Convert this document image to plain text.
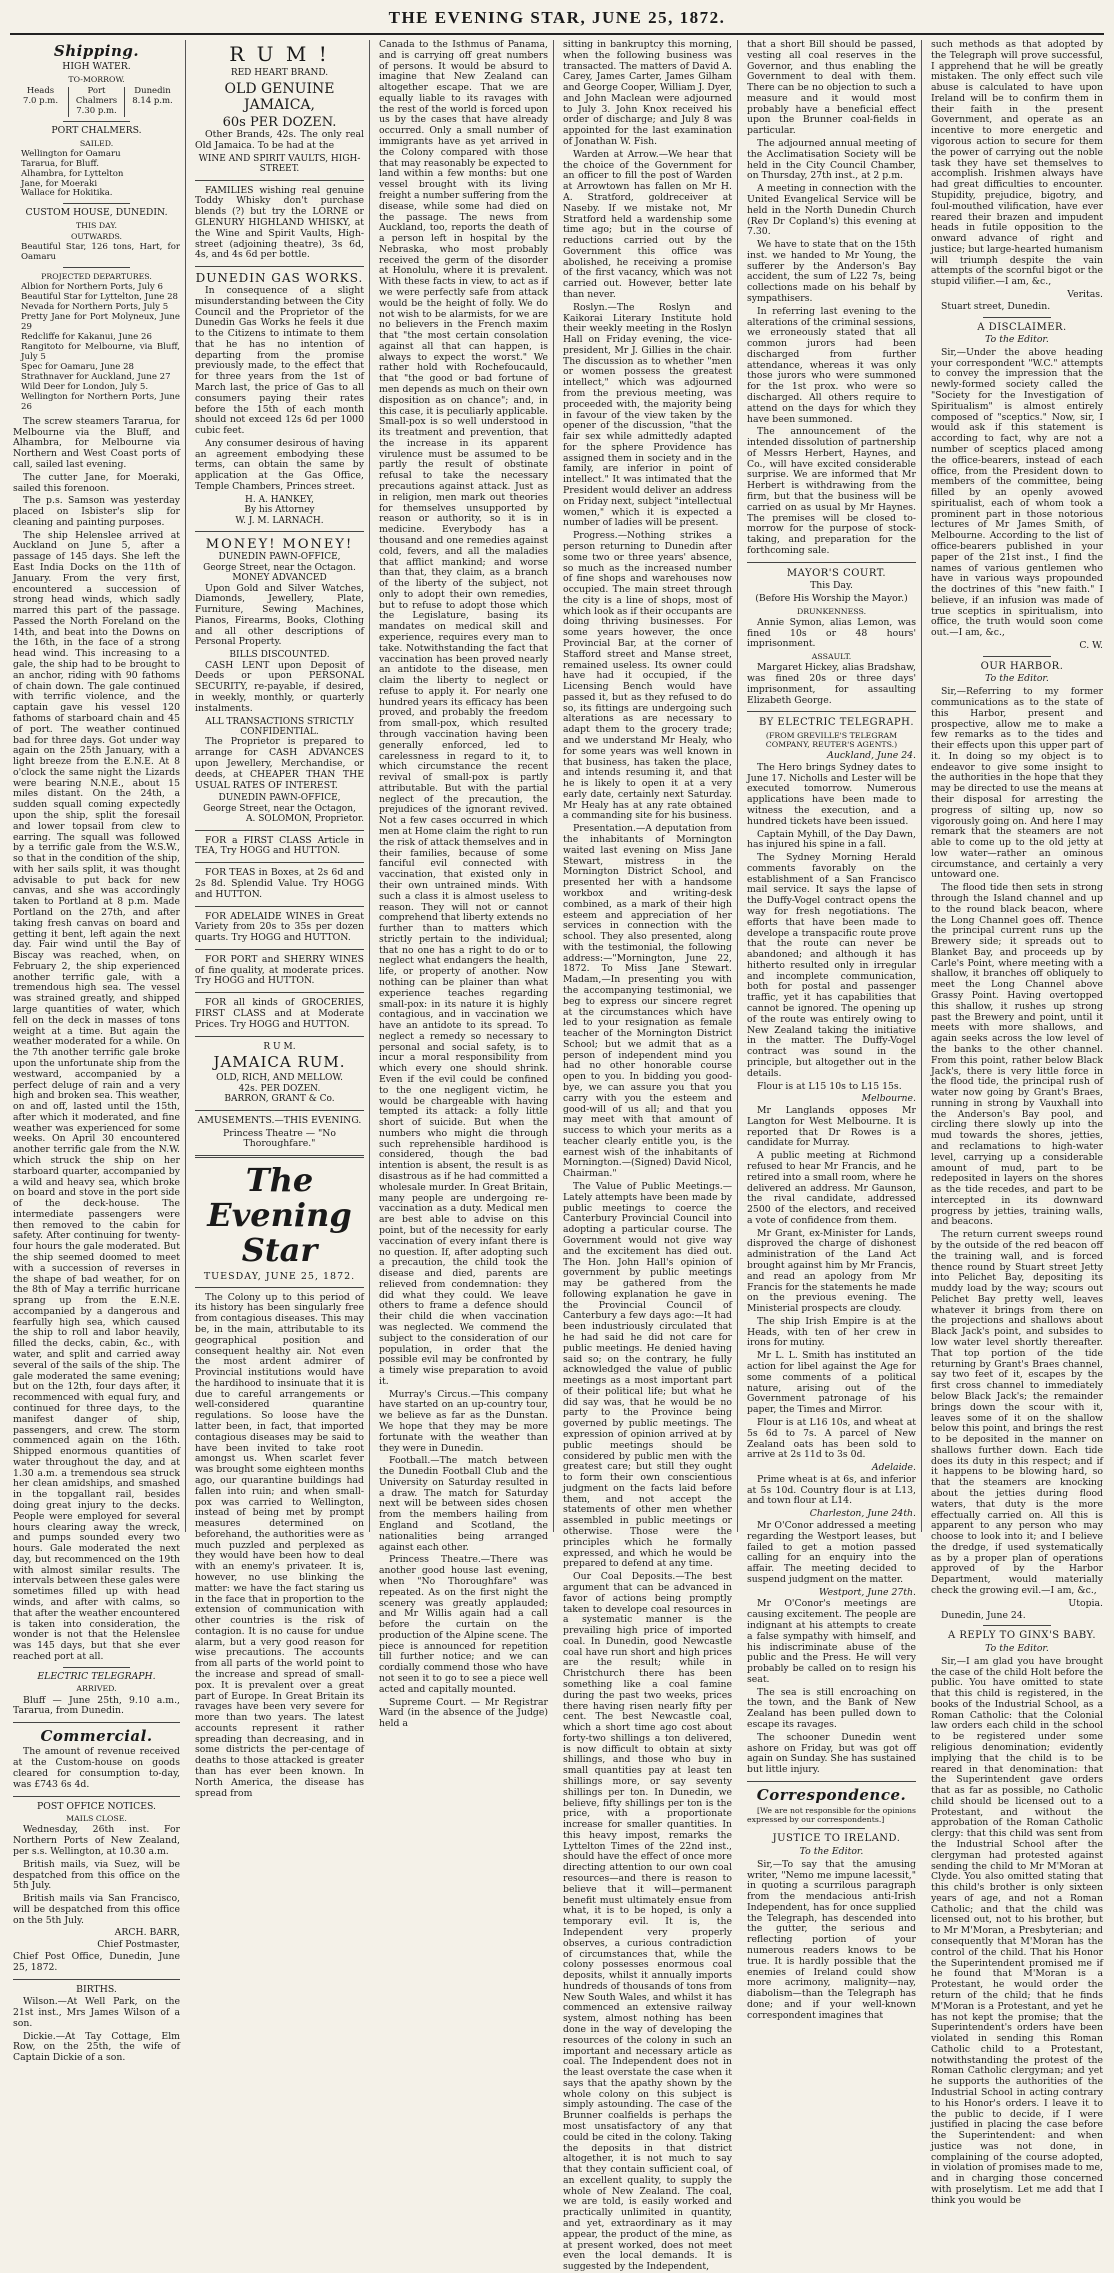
THE EVENING STAR, JUNE 25, 1872.
Shipping.

HIGH WATER.

TO-MORROW.

Heads
7.0 p.m.
Port Chalmers
7.30 p.m.
Dunedin
8.14 p.m.

PORT CHALMERS.

SAILED.

Wellington for Oamaru

Tararua, for Bluff.

Alhambra, for Lyttelton

Jane, for Moeraki

Wallace for Hokitika.

CUSTOM HOUSE, DUNEDIN.

THIS DAY.

OUTWARDS.

Beautiful Star, 126 tons, Hart, for Oamaru

PROJECTED DEPARTURES.

Albion for Northern Ports, July 6

Beautiful Star for Lyttelton, June 28

Nevada for Northern Ports, July 5

Pretty Jane for Port Molyneux, June 29

Redcliffe for Kakanui, June 26

Rangitoto for Melbourne, via Bluff, July 5

Spec for Oamaru, June 28

Strathnaver for Auckland, June 27

Wild Deer for London, July 5.

Wellington for Northern Ports, June 26

The screw steamers Tararua, for Melbourne via the Bluff, and Alhambra, for Melbourne via Northern and West Coast ports of call, sailed last evening.

The cutter Jane, for Moeraki, sailed this forenoon.

The p.s. Samson was yesterday placed on Isbister's slip for cleaning and painting purposes.

The ship Helenslee arrived at Auckland on June 5, after a passage of 145 days. She left the East India Docks on the 11th of January. From the very first, encountered a succession of strong head winds, which sadly marred this part of the passage. Passed the North Foreland on the 14th, and beat into the Downs on the 16th, in the face of a strong head wind. This increasing to a gale, the ship had to be brought to an anchor, riding with 90 fathoms of chain down. The gale continued with terrific violence, and the captain gave his vessel 120 fathoms of starboard chain and 45 of port. The weather continued bad for three days. Got under way again on the 25th January, with a light breeze from the E.N.E. At 8 o'clock the same night the Lizards were bearing N.N.E., about 15 miles distant. On the 24th, a sudden squall coming expectedly upon the ship, split the foresail and lower topsail from clew to earring. The squall was followed by a terrific gale from the W.S.W., so that in the condition of the ship, with her sails split, it was thought advisable to put back for new canvas, and she was accordingly taken to Portland at 8 p.m. Made Portland on the 27th, and after taking fresh canvas on board and getting it bent, left again the next day. Fair wind until the Bay of Biscay was reached, when, on February 2, the ship experienced another terrific gale, with a tremendous high sea. The vessel was strained greatly, and shipped large quantities of water, which fell on the deck in masses of tons weight at a time. But again the weather moderated for a while. On the 7th another terrific gale broke upon the unfortunate ship from the westward, accompanied by a perfect deluge of rain and a very high and broken sea. This weather, on and off, lasted until the 15th, after which it moderated, and fine weather was experienced for some weeks. On April 30 encountered another terrific gale from the N.W. which struck the ship on her starboard quarter, accompanied by a wild and heavy sea, which broke on board and stove in the port side of the deck-house. The intermediate passengers were then removed to the cabin for safety. After continuing for twenty-four hours the gale moderated. But the ship seemed doomed to meet with a succession of reverses in the shape of bad weather, for on the 8th of May a terrific hurricane sprang up from the E.N.E. accompanied by a dangerous and fearfully high sea, which caused the ship to roll and labor heavily, filled the decks, cabin, &c., with water, and split and carried away several of the sails of the ship. The gale moderated the same evening; but on the 12th, four days after, it recommenced with equal fury, and continued for three days, to the manifest danger of ship, passengers, and crew. The storm commenced again on the 16th. Shipped enormous quantities of water throughout the day, and at 1.30 a.m. a tremendous sea struck her clean amidships, and smashed in the topgallant rail, besides doing great injury to the decks. People were employed for several hours clearing away the wreck, and pumps sounded every two hours. Gale moderated the next day, but recommenced on the 19th with almost similar results. The intervals between these gales were sometimes filled up with head winds, and after with calms, so that after the weather encountered is taken into consideration, the wonder is not that the Helenslee was 145 days, but that she ever reached port at all.

ELECTRIC TELEGRAPH.

ARRIVED.

Bluff — June 25th, 9.10 a.m., Tararua, from Dunedin.

Commercial.

The amount of revenue received at the Custom-house on goods cleared for consumption to-day, was £743 6s 4d.

POST OFFICE NOTICES.

MAILS CLOSE.

Wednesday, 26th inst. For Northern Ports of New Zealand, per s.s. Wellington, at 10.30 a.m.

British mails, via Suez, will be despatched from this office on the 5th July.

British mails via San Francisco, will be despatched from this office on the 5th July.

ARCH. BARR,

Chief Postmaster,

Chief Post Office, Dunedin, June 25, 1872.

BIRTHS.

Wilson.—At Well Park, on the 21st inst., Mrs James Wilson of a son.

Dickie.—At Tay Cottage, Elm Row, on the 25th, the wife of Captain Dickie of a son.

R U M !

RED HEART BRAND.

OLD GENUINE JAMAICA,

60s PER DOZEN.

Other Brands, 42s. The only real Old Jamaica. To be had at the

WINE AND SPIRIT VAULTS, HIGH-STREET.

FAMILIES wishing real genuine Toddy Whisky don't purchase blends (?) but try the LORNE or GLENURY HIGHLAND WHISKY, at the Wine and Spirit Vaults, High-street (adjoining theatre), 3s 6d, 4s, and 4s 6d per bottle.

DUNEDIN GAS WORKS.

In consequence of a slight misunderstanding between the City Council and the Proprietor of the Dunedin Gas Works he feels it due to the Citizens to intimate to them that he has no intention of departing from the promise previously made, to the effect that for three years from the 1st of March last, the price of Gas to all consumers paying their rates before the 15th of each month should not exceed 12s 6d per 1000 cubic feet.

Any consumer desirous of having an agreement embodying these terms, can obtain the same by application at the Gas Office, Temple Chambers, Princes street.

H. A. HANKEY,

By his Attorney

W. J. M. LARNACH.

MONEY! MONEY!

DUNEDIN PAWN-OFFICE,

George Street, near the Octagon.

MONEY ADVANCED

Upon Gold and Silver Watches, Diamonds, Jewellery, Plate, Furniture, Sewing Machines, Pianos, Firearms, Books, Clothing and all other descriptions of Personal Property.

BILLS DISCOUNTED.

CASH LENT upon Deposit of Deeds or upon PERSONAL SECURITY, re-payable, if desired, in weekly, monthly, or quarterly instalments.

ALL TRANSACTIONS STRICTLY CONFIDENTIAL.

The Proprietor is prepared to arrange for CASH ADVANCES upon Jewellery, Merchandise, or deeds, at CHEAPER THAN THE USUAL RATES OF INTEREST.

DUNEDIN PAWN-OFFICE,

George Street, near the Octagon,

A. SOLOMON, Proprietor.

FOR a FIRST CLASS Article in TEA, Try HOGG and HUTTON.

FOR TEAS in Boxes, at 2s 6d and 2s 8d. Splendid Value. Try HOGG and HUTTON.

FOR ADELAIDE WINES in Great Variety from 20s to 35s per dozen quarts. Try HOGG and HUTTON.

FOR PORT and SHERRY WINES of fine quality, at moderate prices. Try HOGG and HUTTON.

FOR all kinds of GROCERIES, FIRST CLASS and at Moderate Prices. Try HOGG and HUTTON.

R U M.

JAMAICA RUM.

OLD, RICH, AND MELLOW.

42s. PER DOZEN.

BARRON, GRANT & Co.

AMUSEMENTS.—THIS EVENING.

Princess Theatre — "No Thoroughfare."

The Evening Star
TUESDAY, JUNE 25, 1872.

The Colony up to this period of its history has been singularly free from contagious diseases. This may be, in the main, attributable to its geographical position and consequent healthy air. Not even the most ardent admirer of Provincial institutions would have the hardihood to insinuate that it is due to careful arrangements or well-considered quarantine regulations. So loose have the latter been, in fact, that imported contagious diseases may be said to have been invited to take root amongst us. When scarlet fever was brought some eighteen months ago, our quarantine buildings had fallen into ruin; and when small-pox was carried to Wellington, instead of being met by prompt measures determined on beforehand, the authorities were as much puzzled and perplexed as they would have been how to deal with an enemy's privateer. It is, however, no use blinking the matter: we have the fact staring us in the face that in proportion to the extension of communication with other countries is the risk of contagion. It is no cause for undue alarm, but a very good reason for wise precautions. The accounts from all parts of the world point to the increase and spread of small-pox. It is prevalent over a great part of Europe. In Great Britain its ravages have been very severe for more than two years. The latest accounts represent it rather spreading than decreasing, and in some districts the per-centage of deaths to those attacked is greater than has ever been known. In North America, the disease has spread from

Canada to the Isthmus of Panama, and is carrying off great numbers of persons. It would be absurd to imagine that New Zealand can altogether escape. That we are equally liable to its ravages with the rest of the world is forced upon us by the cases that have already occurred. Only a small number of immigrants have as yet arrived in the Colony compared with those that may reasonably be expected to land within a few months: but one vessel brought with its living freight a number suffering from the disease, while some had died on the passage. The news from Auckland, too, reports the death of a person left in hospital by the Nebraska, who most probably received the germ of the disorder at Honolulu, where it is prevalent. With these facts in view, to act as if we were perfectly safe from attack would be the height of folly. We do not wish to be alarmists, for we are no believers in the French maxim that "the most certain consolation against all that can happen, is always to expect the worst." We rather hold with Rochefoucauld, that "the good or bad fortune of men depends as much on their own disposition as on chance"; and, in this case, it is peculiarly applicable. Small-pox is so well understood in its treatment and prevention, that the increase in its apparent virulence must be assumed to be partly the result of obstinate refusal to take the necessary precautions against attack. Just as in religion, men mark out theories for themselves unsupported by reason or authority, so it is in medicine. Everybody has a thousand and one remedies against cold, fevers, and all the maladies that afflict mankind; and worse than that, they claim, as a branch of the liberty of the subject, not only to adopt their own remedies, but to refuse to adopt those which the Legislature, basing its mandates on medical skill and experience, requires every man to take. Notwithstanding the fact that vaccination has been proved nearly an antidote to the disease, men claim the liberty to neglect or refuse to apply it. For nearly one hundred years its efficacy has been proved, and probably the freedom from small-pox, which resulted through vaccination having been generally enforced, led to carelessness in regard to it, to which circumstance the recent revival of small-pox is partly attributable. But with the partial neglect of the precaution, the prejudices of the ignorant revived. Not a few cases occurred in which men at Home claim the right to run the risk of attack themselves and in their families, because of some fanciful evil connected with vaccination, that existed only in their own untrained minds. With such a class it is almost useless to reason. They will not or cannot comprehend that liberty extends no further than to matters which strictly pertain to the individual; that no one has a right to do or to neglect what endangers the health, life, or property of another. Now nothing can be plainer than what experience teaches regarding small-pox: in its nature it is highly contagious, and in vaccination we have an antidote to its spread. To neglect a remedy so necessary to personal and social safety, is to incur a moral responsibility from which every one should shrink. Even if the evil could be confined to the one negligent victim, he would be chargeable with having tempted its attack: a folly little short of suicide. But when the numbers who might die through such reprehensible hardihood is considered, though the bad intention is absent, the result is as disastrous as if he had committed a wholesale murder. In Great Britain, many people are undergoing re-vaccination as a duty. Medical men are best able to advise on this point, but of the necessity for early vaccination of every infant there is no question. If, after adopting such a precaution, the child took the disease and died, parents are relieved from condemnation: they did what they could. We leave others to frame a defence should their child die when vaccination was neglected. We commend the subject to the consideration of our population, in order that the possible evil may be confronted by a timely wise preparation to avoid it.

Murray's Circus.—This company have started on an up-country tour, we believe as far as the Dunstan. We hope that they may be more fortunate with the weather than they were in Dunedin.

Football.—The match between the Dunedin Football Club and the University on Saturday resulted in a draw. The match for Saturday next will be between sides chosen from the members hailing from England and Scotland, the nationalities being arranged against each other.

Princess Theatre.—There was another good house last evening, when "No Thoroughfare" was repeated. As on the first night the scenery was greatly applauded; and Mr Willis again had a call before the curtain on the production of the Alpine scene. The piece is announced for repetition till further notice; and we can cordially commend those who have not seen it to go to see a piece well acted and capitally mounted.

Supreme Court. — Mr Registrar Ward (in the absence of the Judge) held a

sitting in bankruptcy this morning, when the following business was transacted. The matters of David A. Carey, James Carter, James Gilham and George Cooper, William J. Dyer, and John Maclean were adjourned to July 3. John Knox received his order of discharge; and July 8 was appointed for the last examination of Jonathan W. Fish.

Warden at Arrow.—We hear that the choice of the Government for an officer to fill the post of Warden at Arrowtown has fallen on Mr H. A. Stratford, goldreceiver at Naseby. If we mistake not, Mr Stratford held a wardenship some time ago; but in the course of reductions carried out by the Government this office was abolished, he receiving a promise of the first vacancy, which was not carried out. However, better late than never.

Roslyn.—The Roslyn and Kaikorai Literary Institute hold their weekly meeting in the Roslyn Hall on Friday evening, the vice-president, Mr J. Gillies in the chair. The discussion as to whether "men or women possess the greatest intellect," which was adjourned from the previous meeting, was proceeded with, the majority being in favour of the view taken by the opener of the discussion, "that the fair sex while admittedly adapted for the sphere Providence has assigned them in society and in the family, are inferior in point of intellect." It was intimated that the President would deliver an address on Friday next, subject "intellectual women," which it is expected a number of ladies will be present.

Progress.—Nothing strikes a person returning to Dunedin after some two or three years' absence, so much as the increased number of fine shops and warehouses now occupied. The main street through the city is a line of shops, most of which look as if their occupants are doing thriving businesses. For some years however, the once Provincial Bar, at the corner of Stafford street and Manse street, remained useless. Its owner could have had it occupied, if the Licensing Bench would have passed it, but as they refused to do so, its fittings are undergoing such alterations as are necessary to adapt them to the grocery trade; and we understand Mr Healy, who for some years was well known in that business, has taken the place, and intends resuming it, and that he is likely to open it at a very early date, certainly next Saturday. Mr Healy has at any rate obtained a commanding site for his business.

Presentation.—A deputation from the inhabitants of Mornington waited last evening on Miss Jane Stewart, mistress in the Mornington District School, and presented her with a handsome workbox and writing-desk combined, as a mark of their high esteem and appreciation of her services in connection with the school. They also presented, along with the testimonial, the following address:—"Mornington, June 22, 1872. To Miss Jane Stewart. Madam,—In presenting you with the accompanying testimonial, we beg to express our sincere regret at the circumstances which have led to your resignation as female teacher of the Mornington District School; but we admit that as a person of independent mind you had no other honorable course open to you. In bidding you good-bye, we can assure you that you carry with you the esteem and good-will of us all; and that you may meet with that amount of success to which your merits as a teacher clearly entitle you, is the earnest wish of the inhabitants of Mornington.—(Signed) David Nicol, Chairman."

The Value of Public Meetings.—Lately attempts have been made by public meetings to coerce the Canterbury Provincial Council into adopting a particular course. The Government would not give way and the excitement has died out. The Hon. John Hall's opinion of government by public meetings may be gathered from the following explanation he gave in the Provincial Council of Canterbury a few days ago:—It had been industriously circulated that he had said he did not care for public meetings. He denied having said so; on the contrary, he fully acknowledged the value of public meetings as a most important part of their political life; but what he did say was, that he would be no party to the Province being governed by public meetings. The expression of opinion arrived at by public meetings should be considered by public men with the greatest care; but still they ought to form their own conscientious judgment on the facts laid before them, and not accept the statements of other men whether assembled in public meetings or otherwise. Those were the principles which he formally expressed, and which he would be prepared to defend at any time.

Our Coal Deposits.—The best argument that can be advanced in favor of actions being promptly taken to develope coal resources in a systematic manner is the prevailing high price of imported coal. In Dunedin, good Newcastle coal have run short and high prices are the result; while in Christchurch there has been something like a coal famine during the past two weeks, prices there having risen nearly fifty per cent. The best Newcastle coal, which a short time ago cost about forty-two shillings a ton delivered, is now difficult to obtain at sixty shillings, and those who buy in small quantities pay at least ten shillings more, or say seventy shillings per ton. In Dunedin, we believe, fifty shillings per ton is the price, with a proportionate increase for smaller quantities. In this heavy impost, remarks the Lyttelton Times of the 22nd inst., should have the effect of once more directing attention to our own coal resources—and there is reason to believe that it will—permanent benefit must ultimately ensue from what, it is to be hoped, is only a temporary evil. It is, the Independent very properly observes, a curious contradiction of circumstances that, while the colony possesses enormous coal deposits, whilst it annually imports hundreds of thousands of tons from New South Wales, and whilst it has commenced an extensive railway system, almost nothing has been done in the way of developing the resources of the colony in such an important and necessary article as coal. The Independent does not in the least overstate the case when it says that the apathy shown by the whole colony on this subject is simply astounding. The case of the Brunner coalfields is perhaps the most unsatisfactory of any that could be cited in the colony. Taking the deposits in that district altogether, it is not much to say that they contain sufficient coal, of an excellent quality, to supply the whole of New Zealand. The coal, we are told, is easily worked and practically unlimited in quantity, and yet, extraordinary as it may appear, the product of the mine, as at present worked, does not meet even the local demands. It is suggested by the Independent,

that a short Bill should be passed, vesting all coal reserves in the Governor, and thus enabling the Government to deal with them. There can be no objection to such a measure and it would most probably have a beneficial effect upon the Brunner coal-fields in particular.

The adjourned annual meeting of the Acclimatisation Society will be held in the City Council Chamber, on Thursday, 27th inst., at 2 p.m.

A meeting in connection with the United Evangelical Service will be held in the North Dunedin Church (Rev Dr Copland's) this evening at 7.30.

We have to state that on the 15th inst. we handed to Mr Young, the sufferer by the Anderson's Bay accident, the sum of L22 7s, being collections made on his behalf by sympathisers.

In referring last evening to the alterations of the criminal sessions, we erroneously stated that all common jurors had been discharged from further attendance, whereas it was only those jurors who were summoned for the 1st prox. who were so discharged. All others require to attend on the days for which they have been summoned.

The announcement of the intended dissolution of partnership of Messrs Herbert, Haynes, and Co., will have excited considerable surprise. We are informed that Mr Herbert is withdrawing from the firm, but that the business will be carried on as usual by Mr Haynes. The premises will be closed to-morrow for the purpose of stock-taking, and preparation for the forthcoming sale.

MAYOR'S COURT.

This Day.

(Before His Worship the Mayor.)

DRUNKENNESS.

Annie Symon, alias Lemon, was fined 10s or 48 hours' imprisonment.

ASSAULT.

Margaret Hickey, alias Bradshaw, was fined 20s or three days' imprisonment, for assaulting Elizabeth George.

BY ELECTRIC TELEGRAPH.

(FROM GREVILLE'S TELEGRAM COMPANY, REUTER'S AGENTS.)

Auckland, June 24.

The Hero brings Sydney dates to June 17. Nicholls and Lester will be executed tomorrow. Numerous applications have been made to witness the execution, and a hundred tickets have been issued.

Captain Myhill, of the Day Dawn, has injured his spine in a fall.

The Sydney Morning Herald comments favorably on the establishment of a San Francisco mail service. It says the lapse of the Duffy-Vogel contract opens the way for fresh negotiations. The efforts that have been made to develope a transpacific route prove that the route can never be abandoned; and although it has hitherto resulted only in irregular and incomplete communication, both for postal and passenger traffic, yet it has capabilities that cannot be ignored. The opening up of the route was entirely owing to New Zealand taking the initiative in the matter. The Duffy-Vogel contract was sound in the principle, but altogether out in the details.

Flour is at L15 10s to L15 15s.

Melbourne.

Mr Langlands opposes Mr Langton for West Melbourne. It is reported that Dr Rowes is a candidate for Murray.

A public meeting at Richmond refused to hear Mr Francis, and he retired into a small room, where he delivered an address. Mr Gaunson, the rival candidate, addressed 2500 of the electors, and received a vote of confidence from them.

Mr Grant, ex-Minister for Lands, disproved the charge of dishonest administration of the Land Act brought against him by Mr Francis, and read an apology from Mr Francis for the statements he made on the previous evening. The Ministerial prospects are cloudy.

The ship Irish Empire is at the Heads, with ten of her crew in irons for mutiny.

Mr L. L. Smith has instituted an action for libel against the Age for some comments of a political nature, arising out of the Government patronage of his paper, the Times and Mirror.

Flour is at L16 10s, and wheat at 5s 6d to 7s. A parcel of New Zealand oats has been sold to arrive at 2s 11d to 3s 0d.

Adelaide.

Prime wheat is at 6s, and inferior at 5s 10d. Country flour is at L13, and town flour at L14.

Charleston, June 24th.

Mr O'Conor addressed a meeting regarding the Westport leases, but failed to get a motion passed calling for an enquiry into the affair. The meeting decided to suspend judgment on the matter.

Westport, June 27th.

Mr O'Conor's meetings are causing excitement. The people are indignant at his attempts to create a false sympathy with himself, and his indiscriminate abuse of the public and the Press. He will very probably be called on to resign his seat.

The sea is still encroaching on the town, and the Bank of New Zealand has been pulled down to escape its ravages.

The schooner Dunedin went ashore on Friday, but was got off again on Sunday. She has sustained but little injury.

Correspondence.

[We are not responsible for the opinions expressed by our correspondents.]

JUSTICE TO IRELAND.

To the Editor.

Sir,—To say that the amusing writer, "Nemo me impune lacessit," in quoting a scurrilous paragraph from the mendacious anti-Irish Independent, has for once supplied the Telegraph, has descended into the gutter, the serious and reflecting portion of your numerous readers knows to be true. It is hardly possible that the enemies of Ireland could show more acrimony, malignity—nay, diabolism—than the Telegraph has done; and if your well-known correspondent imagines that

such methods as that adopted by the Telegraph will prove successful, I apprehend that he will be greatly mistaken. The only effect such vile abuse is calculated to have upon Ireland will be to confirm them in their faith in the present Government, and operate as an incentive to more energetic and vigorous action to secure for them the power of carrying out the noble task they have set themselves to accomplish. Irishmen always have had great difficulties to encounter. Stupidity, prejudice, bigotry, and foul-mouthed vilification, have ever reared their brazen and impudent heads in futile opposition to the onward advance of right and justice; but large-hearted humanism will triumph despite the vain attempts of the scornful bigot or the stupid vilifier.—I am, &c.,

Veritas.

Stuart street, Dunedin.

A DISCLAIMER.

To the Editor.

Sir,—Under the above heading your correspondent "W.C." attempts to convey the impression that the newly-formed society called the "Society for the Investigation of Spiritualism" is almost entirely composed of "sceptics." Now, sir, I would ask if this statement is according to fact, why are not a number of sceptics placed among the office-bearers, instead of each office, from the President down to members of the committee, being filled by an openly avowed spiritualist, each of whom took a prominent part in those notorious lectures of Mr James Smith, of Melbourne. According to the list of office-bearers published in your paper of the 21st inst., I find the names of various gentlemen who have in various ways propounded the doctrines of this "new faith." I believe, if an infusion was made of true sceptics in spiritualism, into office, the truth would soon come out.—I am, &c.,

C. W.

OUR HARBOR.

To the Editor.

Sir,—Referring to my former communications as to the state of this Harbor, present and prospective, allow me to make a few remarks as to the tides and their effects upon this upper part of it. In doing so my object is to endeavor to give some insight to the authorities in the hope that they may be directed to use the means at their disposal for arresting the progress of silting up, now so vigorously going on. And here I may remark that the steamers are not able to come up to the old jetty at low water—rather an ominous circumstance, and certainly a very untoward one.

The flood tide then sets in strong through the Island channel and up to the round black beacon, where the Long Channel goes off. Thence the principal current runs up the Brewery side; it spreads out to Blanket Bay, and proceeds up by Carle's Point, where meeting with a shallow, it branches off obliquely to meet the Long Channel above Grassy Point. Having overtopped this shallow, it rushes up strong past the Brewery and point, until it meets with more shallows, and again seeks across the low level of the banks to the other channel. From this point, rather below Black Jack's, there is very little force in the flood tide, the principal rush of water now going by Grant's Braes, running in strong by Vauxhall into the Anderson's Bay pool, and circling there slowly up into the mud towards the shores, jetties, and reclamations to high-water level, carrying up a considerable amount of mud, part to be redeposited in layers on the shores as the tide recedes, and part to be intercepted in its downward progress by jetties, training walls, and beacons.

The return current sweeps round by the outside of the red beacon off the training wall, and is forced thence round by Stuart street Jetty into Pelichet Bay, depositing its muddy load by the way; scours out Pelichet Bay pretty well, leaves whatever it brings from there on the projections and shallows about Black Jack's point, and subsides to low water level shortly thereafter. That top portion of the tide returning by Grant's Braes channel, say two feet of it, escapes by the first cross channel to immediately below Black Jack's; the remainder brings down the scour with it, leaves some of it on the shallow below this point, and brings the rest to be deposited in the manner on shallows further down. Each tide does its duty in this respect; and if it happens to be blowing hard, so that the steamers are knocking about the jetties during flood waters, that duty is the more effectually carried on. All this is apparent to any person who may choose to look into it; and I believe the dredge, if used systematically as by a proper plan of operations approved of by the Harbor Department, would materially check the growing evil.—I am, &c.,

Utopia.

Dunedin, June 24.

A REPLY TO GINX'S BABY.

To the Editor.

Sir,—I am glad you have brought the case of the child Holt before the public. You have omitted to state that this child is registered, in the books of the Industrial School, as a Roman Catholic: that the Colonial law orders each child in the school to be registered under some religious denomination; evidently implying that the child is to be reared in that denomination: that the Superintendent gave orders that as far as possible, no Catholic child should be licensed out to a Protestant, and without the approbation of the Roman Catholic clergy: that this child was sent from the Industrial School after the clergyman had protested against sending the child to Mr M'Moran at Clyde. You also omitted stating that this child's brother is only sixteen years of age, and not a Roman Catholic; and that the child was licensed out, not to his brother, but to Mr M'Moran, a Presbyterian; and consequently that M'Moran has the control of the child. That his Honor the Superintendent promised me if he found that M'Moran is a Protestant, he would order the return of the child; that he finds M'Moran is a Protestant, and yet he has not kept the promise; that the Superintendent's orders have been violated in sending this Roman Catholic child to a Protestant, notwithstanding the protest of the Roman Catholic clergyman; and yet he supports the authorities of the Industrial School in acting contrary to his Honor's orders. I leave it to the public to decide, if I were justified in placing the case before the Superintendent: and when justice was not done, in complaining of the course adopted, in violation of promises made to me, and in charging those concerned with proselytism. Let me add that I think you would be
